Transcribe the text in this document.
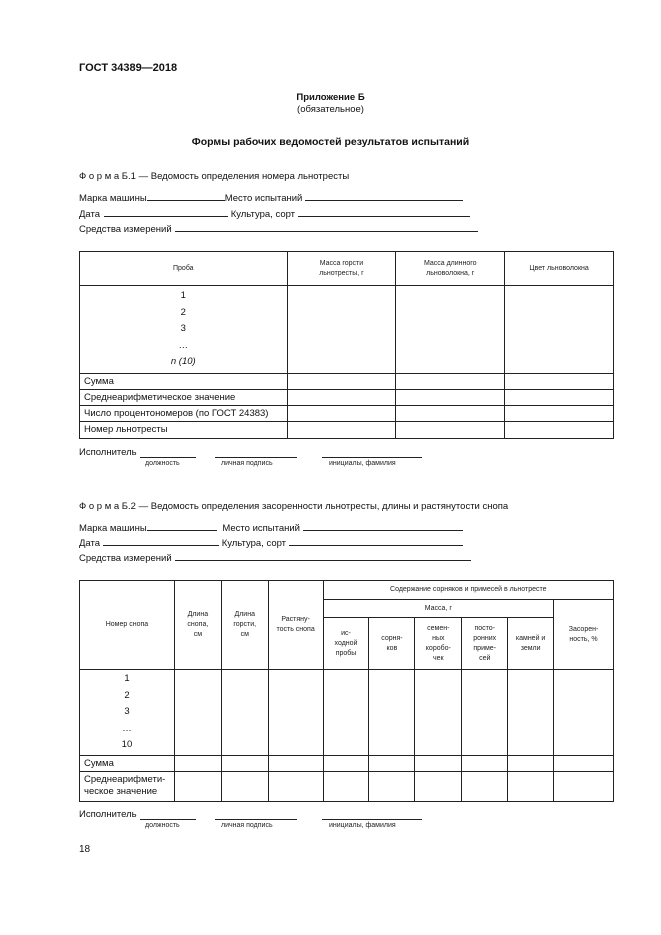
ГОСТ 34389—2018
Приложение Б
(обязательное)
Формы рабочих ведомостей результатов испытаний
Ф о р м а Б.1 — Ведомость определения номера льнотресты
Марка машины	Место испытаний
Дата	Культура, сорт
Средства измерений
Проба	Масса горсти льнотресты, г	Масса длинного льноволокна, г	Цвет льноволокна

1
2
3
…
n (10)			

Сумма			
Среднеарифметическое значение			
Число процентономеров (по ГОСТ 24383)			
Номер льнотресты			
Исполнитель
должность	личная подпись	инициалы, фамилия
Ф о р м а Б.2 — Ведомость определения засоренности льнотресты, длины и растянутости снопа
Марка машины	Место испытаний
Дата	Культура, сорт
Средства измерений
Номер снопа	Длина снопа, см	Длина горсти, см	Растяну-тость снопа	Содержание сорняков и примесей в льнотресте					
				Масса, г					Засорен-ность, %

				ис-ходной пробы	сорня-ков	семен-ных коробо-чек	посто-ронних приме-сей	камней и земли	

1
2
3
…
10									

Сумма									

Среднеарифмети-ческое значение									

Исполнитель
должность	личная подпись	инициалы, фамилия
18
